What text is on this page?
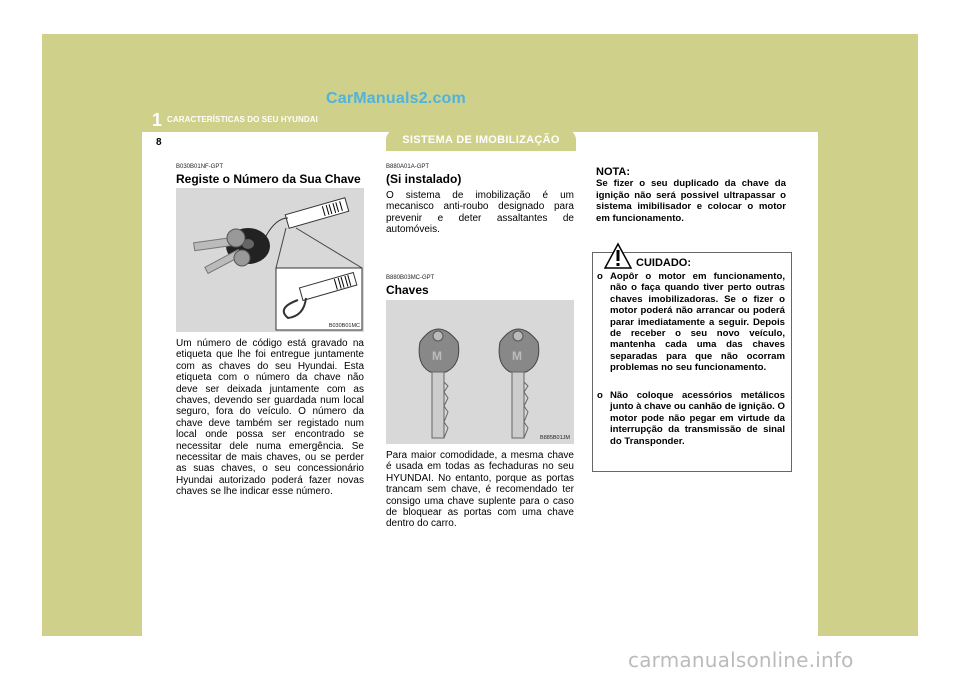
1 CARACTERÍSTICAS DO SEU HYUNDAI
CarManuals2.com
8	SISTEMA DE IMOBILIZAÇÃO
B030B01NF-GPT
Registe o Número da Sua Chave
B030B01MC
Um número de código está gravado na etiqueta que lhe foi entregue juntamente com as chaves do seu Hyundai. Esta etiqueta com o número da chave não deve ser deixada juntamente com as chaves, devendo ser guardada num local seguro, fora do veículo. O número da chave deve também ser registado num local onde possa ser encontrado se necessitar dele numa emergência. Se necessitar de mais chaves, ou se perder as suas chaves, o seu concessionário Hyundai autorizado poderá fazer novas chaves se lhe indicar esse número.
B880A01A-GPT
(Si instalado)
O sistema de imobilização é um mecanisco anti-roubo designado para prevenir e deter assaltantes de automóveis.
B880B03MC-GPT
Chaves
M	M
B885B01JM
Para maior comodidade, a mesma chave é usada em todas as fechaduras no seu HYUNDAI. No entanto, porque as portas trancam sem chave, é recomendado ter consigo uma chave suplente para o caso de bloquear as portas com uma chave dentro do carro.
NOTA:
Se fizer o seu duplicado da chave da ignição não será possivel ultrapassar o sistema imibilisador e colocar o motor em funcionamento.
CUIDADO:
o Aopôr o motor em funcionamento, não o faça quando tiver perto outras chaves imobilizadoras. Se o fizer o motor poderá não arrancar ou poderá parar imediatamente a seguir. Depois de receber o seu novo veículo, mantenha cada uma das chaves separadas para que não ocorram problemas no seu funcionamento.
o Não coloque acessórios metálicos junto à chave ou canhão de ignição. O motor pode não pegar em virtude da interrupção da transmissão de sinal do Transponder.
carmanualsonline.info
